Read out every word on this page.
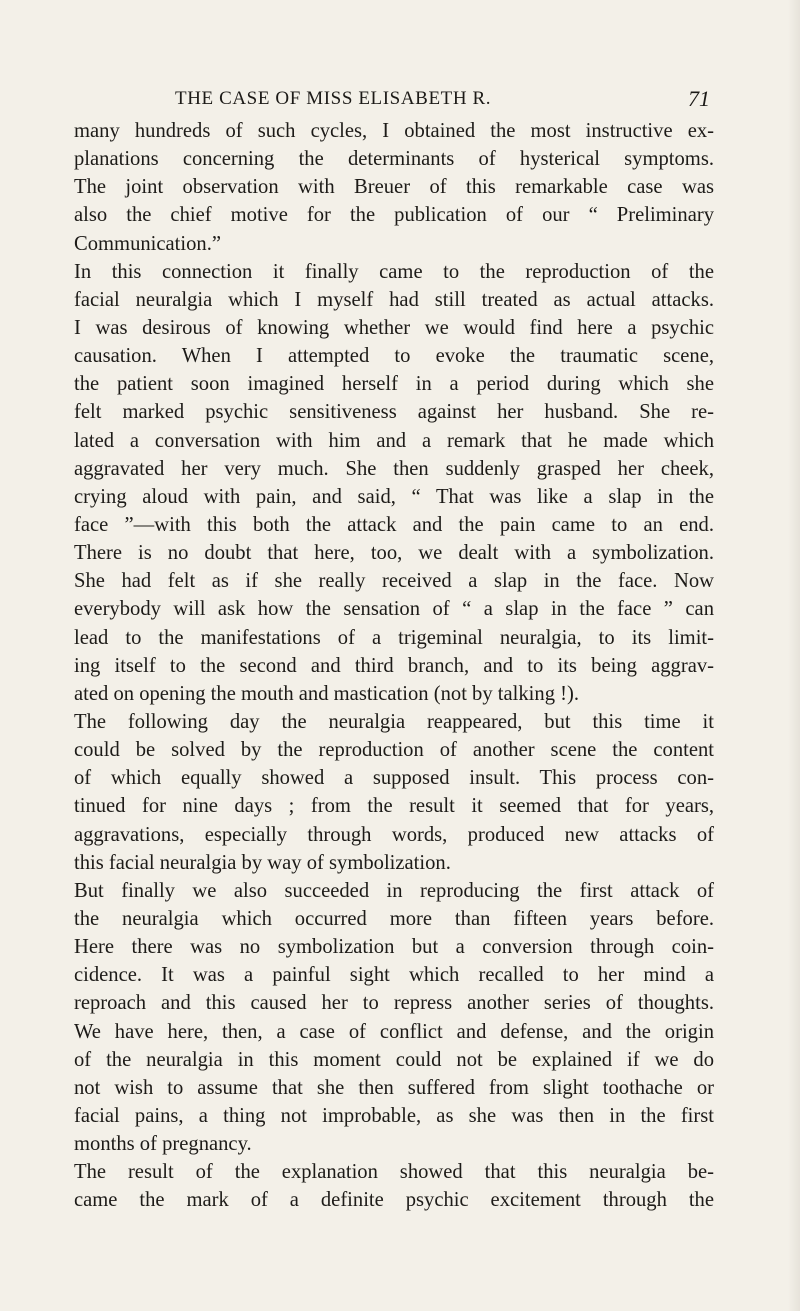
THE CASE OF MISS ELISABETH R.	71
many hundreds of such cycles, I obtained the most instructive ex-
planations concerning the determinants of hysterical symptoms.
The joint observation with Breuer of this remarkable case was
also the chief motive for the publication of our “ Preliminary
Communication.”
In this connection it finally came to the reproduction of the
facial neuralgia which I myself had still treated as actual attacks.
I was desirous of knowing whether we would find here a psychic
causation. When I attempted to evoke the traumatic scene,
the patient soon imagined herself in a period during which she
felt marked psychic sensitiveness against her husband. She re-
lated a conversation with him and a remark that he made which
aggravated her very much. She then suddenly grasped her cheek,
crying aloud with pain, and said, “ That was like a slap in the
face ”—with this both the attack and the pain came to an end.
There is no doubt that here, too, we dealt with a symbolization.
She had felt as if she really received a slap in the face. Now
everybody will ask how the sensation of “ a slap in the face ” can
lead to the manifestations of a trigeminal neuralgia, to its limit-
ing itself to the second and third branch, and to its being aggrav-
ated on opening the mouth and mastication (not by talking !).
The following day the neuralgia reappeared, but this time it
could be solved by the reproduction of another scene the content
of which equally showed a supposed insult. This process con-
tinued for nine days ; from the result it seemed that for years,
aggravations, especially through words, produced new attacks of
this facial neuralgia by way of symbolization.
But finally we also succeeded in reproducing the first attack of
the neuralgia which occurred more than fifteen years before.
Here there was no symbolization but a conversion through coin-
cidence. It was a painful sight which recalled to her mind a
reproach and this caused her to repress another series of thoughts.
We have here, then, a case of conflict and defense, and the origin
of the neuralgia in this moment could not be explained if we do
not wish to assume that she then suffered from slight toothache or
facial pains, a thing not improbable, as she was then in the first
months of pregnancy.
The result of the explanation showed that this neuralgia be-
came the mark of a definite psychic excitement through the
